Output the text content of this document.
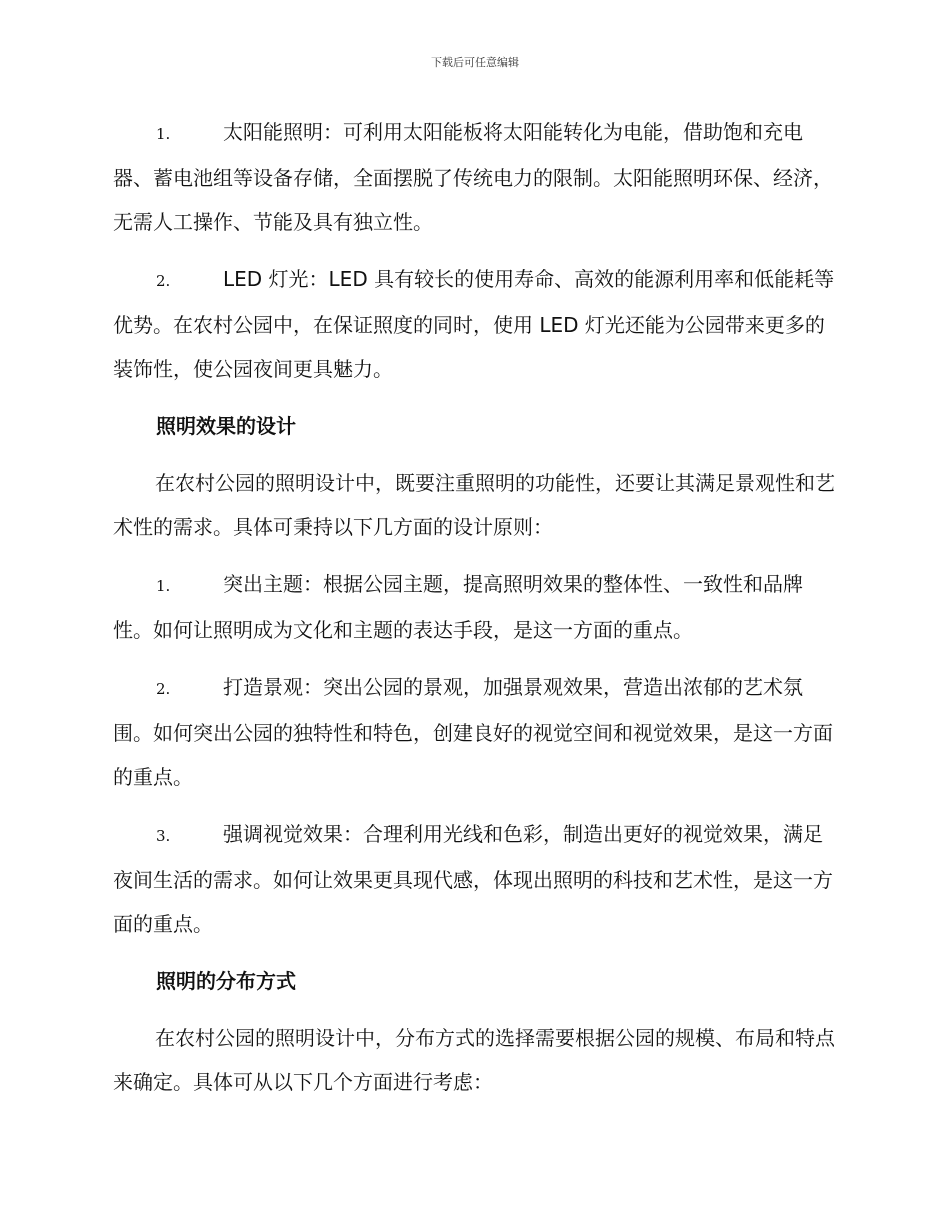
下载后可任意编辑

1.	太阳能照明：可利用太阳能板将太阳能转化为电能，借助饱和充电器、蓄电池组等设备存储，全面摆脱了传统电力的限制。太阳能照明环保、经济，无需人工操作、节能及具有独立性。

2.	LED 灯光：LED 具有较长的使用寿命、高效的能源利用率和低能耗等优势。在农村公园中，在保证照度的同时，使用 LED 灯光还能为公园带来更多的装饰性，使公园夜间更具魅力。

照明效果的设计

在农村公园的照明设计中，既要注重照明的功能性，还要让其满足景观性和艺术性的需求。具体可秉持以下几方面的设计原则：

1.	突出主题：根据公园主题，提高照明效果的整体性、一致性和品牌性。如何让照明成为文化和主题的表达手段，是这一方面的重点。

2.	打造景观：突出公园的景观，加强景观效果，营造出浓郁的艺术氛围。如何突出公园的独特性和特色，创建良好的视觉空间和视觉效果，是这一方面的重点。

3.	强调视觉效果：合理利用光线和色彩，制造出更好的视觉效果，满足夜间生活的需求。如何让效果更具现代感，体现出照明的科技和艺术性，是这一方面的重点。

照明的分布方式

在农村公园的照明设计中，分布方式的选择需要根据公园的规模、布局和特点来确定。具体可从以下几个方面进行考虑：
